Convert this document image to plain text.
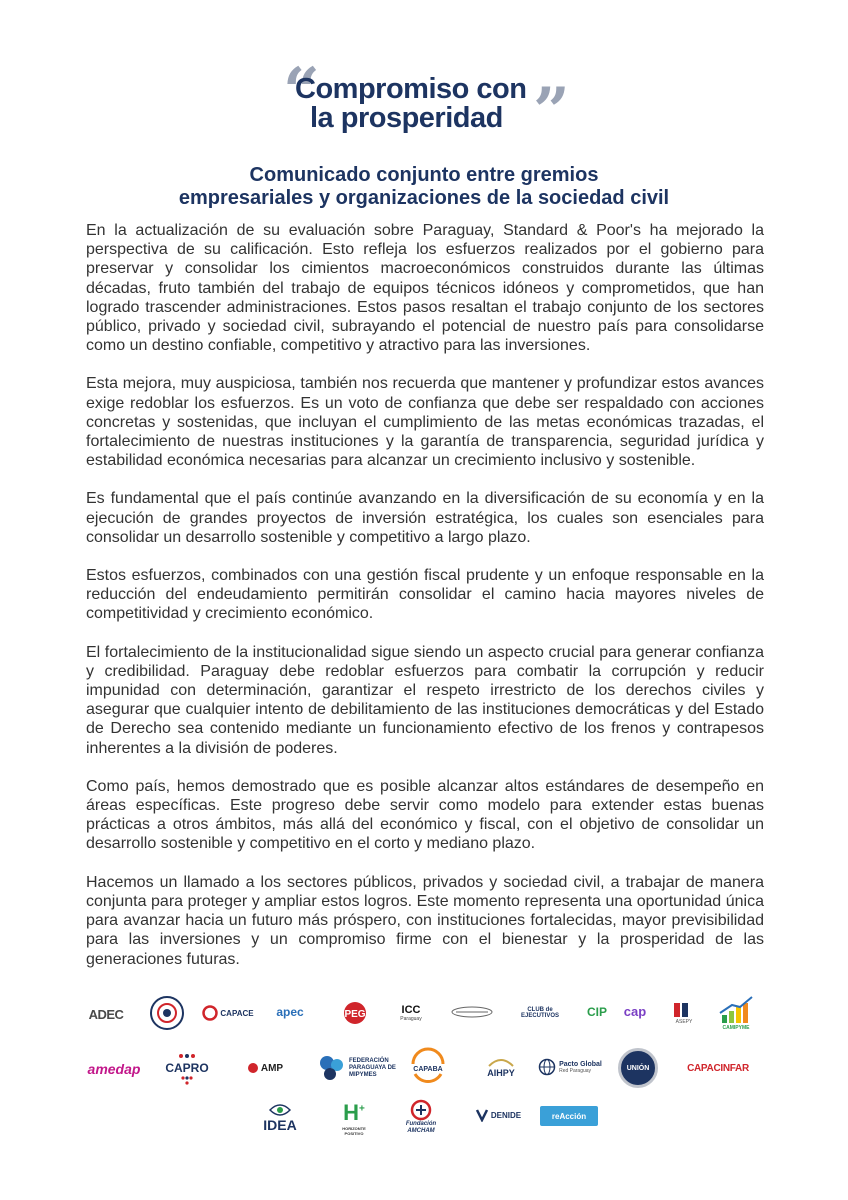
“
Compromiso con
la prosperidad ”
Comunicado conjunto entre gremios
empresariales y organizaciones de la sociedad civil

En la actualización de su evaluación sobre Paraguay, Standard & Poor's ha mejorado la perspectiva de su calificación. Esto refleja los esfuerzos realizados por el gobierno para preservar y consolidar los cimientos macroeconómicos construidos durante las últimas décadas, fruto también del trabajo de equipos técnicos idóneos y comprometidos, que han logrado trascender administraciones. Estos pasos resaltan el trabajo conjunto de los sectores público, privado y sociedad civil, subrayando el potencial de nuestro país para consolidarse como un destino confiable, competitivo y atractivo para las inversiones.

Esta mejora, muy auspiciosa, también nos recuerda que mantener y profundizar estos avances exige redoblar los esfuerzos. Es un voto de confianza que debe ser respaldado con acciones concretas y sostenidas, que incluyan el cumplimiento de las metas económicas trazadas, el fortalecimiento de nuestras instituciones y la garantía de transparencia, seguridad jurídica y estabilidad económica necesarias para alcanzar un crecimiento inclusivo y sostenible.

Es fundamental que el país continúe avanzando en la diversificación de su economía y en la ejecución de grandes proyectos de inversión estratégica, los cuales son esenciales para consolidar un desarrollo sostenible y competitivo a largo plazo.

Estos esfuerzos, combinados con una gestión fiscal prudente y un enfoque responsable en la reducción del endeudamiento permitirán consolidar el camino hacia mayores niveles de competitividad y crecimiento económico.

El fortalecimiento de la institucionalidad sigue siendo un aspecto crucial para generar confianza y credibilidad. Paraguay debe redoblar esfuerzos para combatir la corrupción y reducir impunidad con determinación, garantizar el respeto irrestricto de los derechos civiles y asegurar que cualquier intento de debilitamiento de las instituciones democráticas y del Estado de Derecho sea contenido mediante un funcionamiento efectivo de los frenos y contrapesos inherentes a la división de poderes.

Como país, hemos demostrado que es posible alcanzar altos estándares de desempeño en áreas específicas. Este progreso debe servir como modelo para extender estas buenas prácticas a otros ámbitos, más allá del económico y fiscal, con el objetivo de consolidar un desarrollo sostenible y competitivo en el corto y mediano plazo.

Hacemos un llamado a los sectores públicos, privados y sociedad civil, a trabajar de manera conjunta para proteger y ampliar estos logros. Este momento representa una oportunidad única para avanzar hacia un futuro más próspero, con instituciones fortalecidas, mayor previsibilidad para las inversiones y un compromiso firme con el bienestar y la prosperidad de las generaciones futuras.

ADEC	CAPACE apec	PEG	ICC
Paraguay
CLUB de EJECUTIVOS	CIP cap
ASEPY
CAMIPYME
amedap CAPRO	AMP
FEDERACIÓN PARAGUAYA DE MIPYMES
CAPABA	AIHPY
Pacto Global
Red Paraguay	UNIÓN	CAPACINFAR
IDEA H+
HORIZONTE POSITIVO
Fundación AMCHAM
DENIDE	reAcción
